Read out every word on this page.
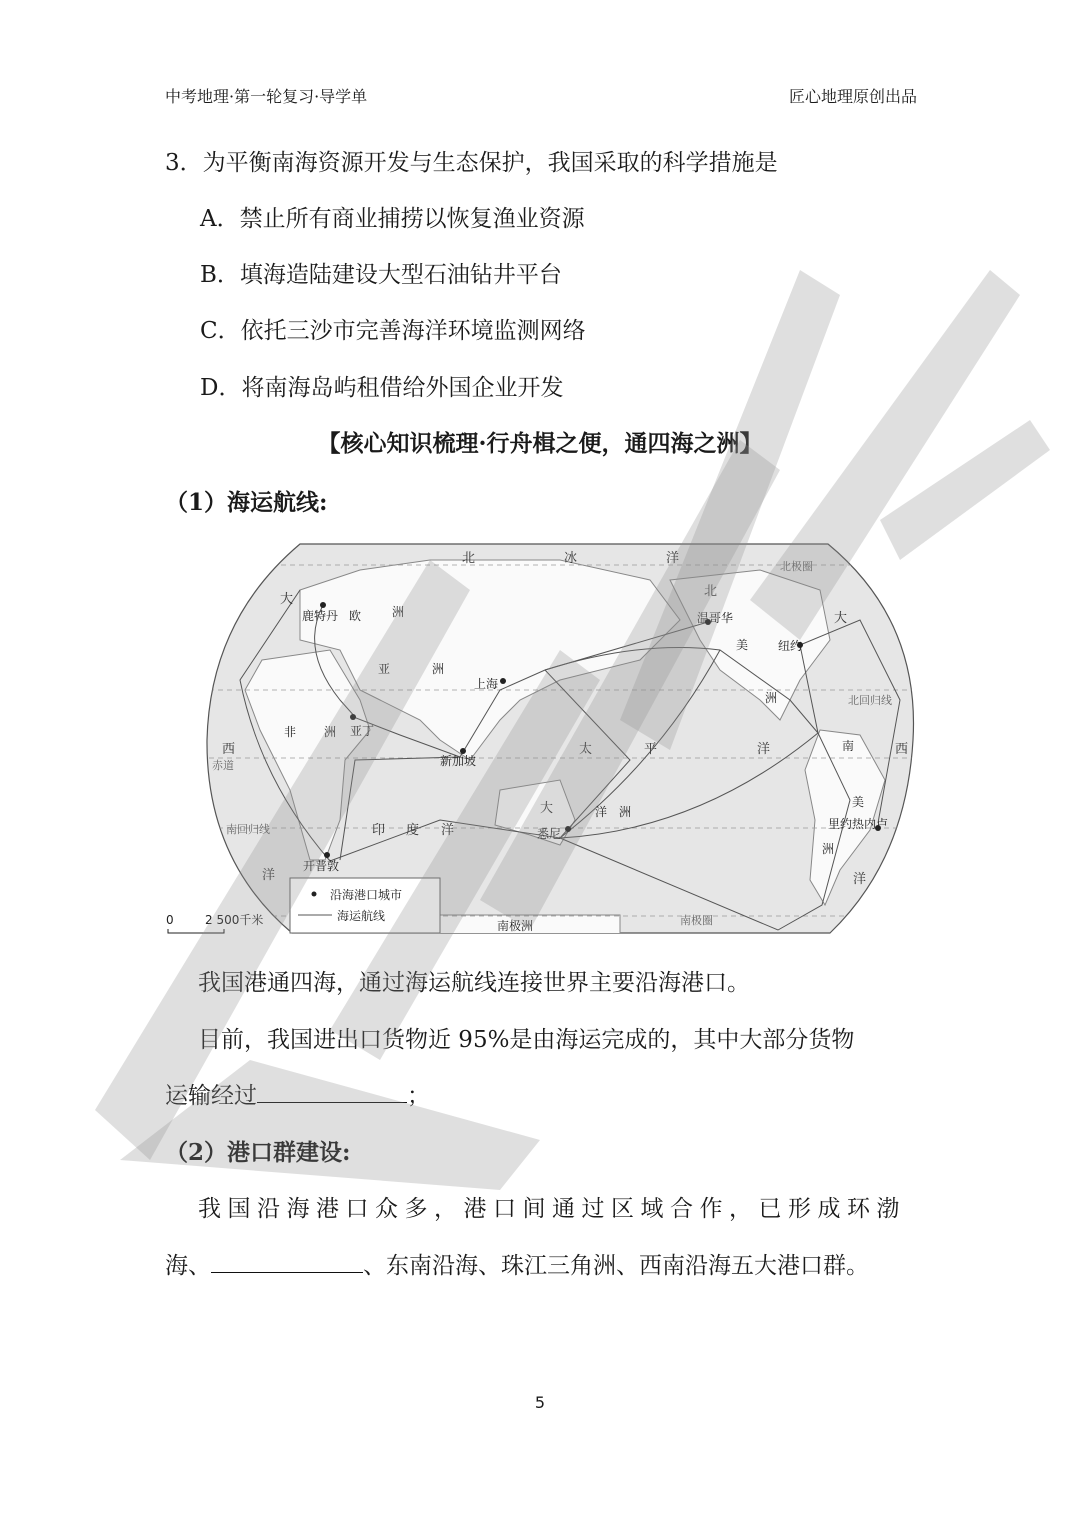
中考地理·第一轮复习·导学单	匠心地理原创出品
3．为平衡南海资源开发与生态保护，我国采取的科学措施是
A．禁止所有商业捕捞以恢复渔业资源
B．填海造陆建设大型石油钻井平台
C．依托三沙市完善海洋环境监测网络
D．将南海岛屿租借给外国企业开发
【核心知识梳理·行舟楫之便，通四海之洲】
（1）海运航线:
鹿特丹	温哥华
纽约
上海
亚丁
新加坡
悉尼
里约热内卢
开普敦
北	冰	洋
北极圈
大
欧	洲
北
大
美
亚	洲
北回归线
洲
非 洲
西
赤道
南
太	平	洋	西
美
印 度 洋
大	洋 洲
南回归线
洲
洋	洋
南极洲	南极圈
沿海港口城市
海运航线
0	2 500千米
我国港通四海，通过海运航线连接世界主要沿海港口。
目前，我国进出口货物近 95%是由海运完成的，其中大部分货物
运输经过	；
（2）港口群建设:
我国沿海港口众多，港口间通过区域合作，已形成环渤
海、	、东南沿海、珠江三角洲、西南沿海五大港口群。
5
